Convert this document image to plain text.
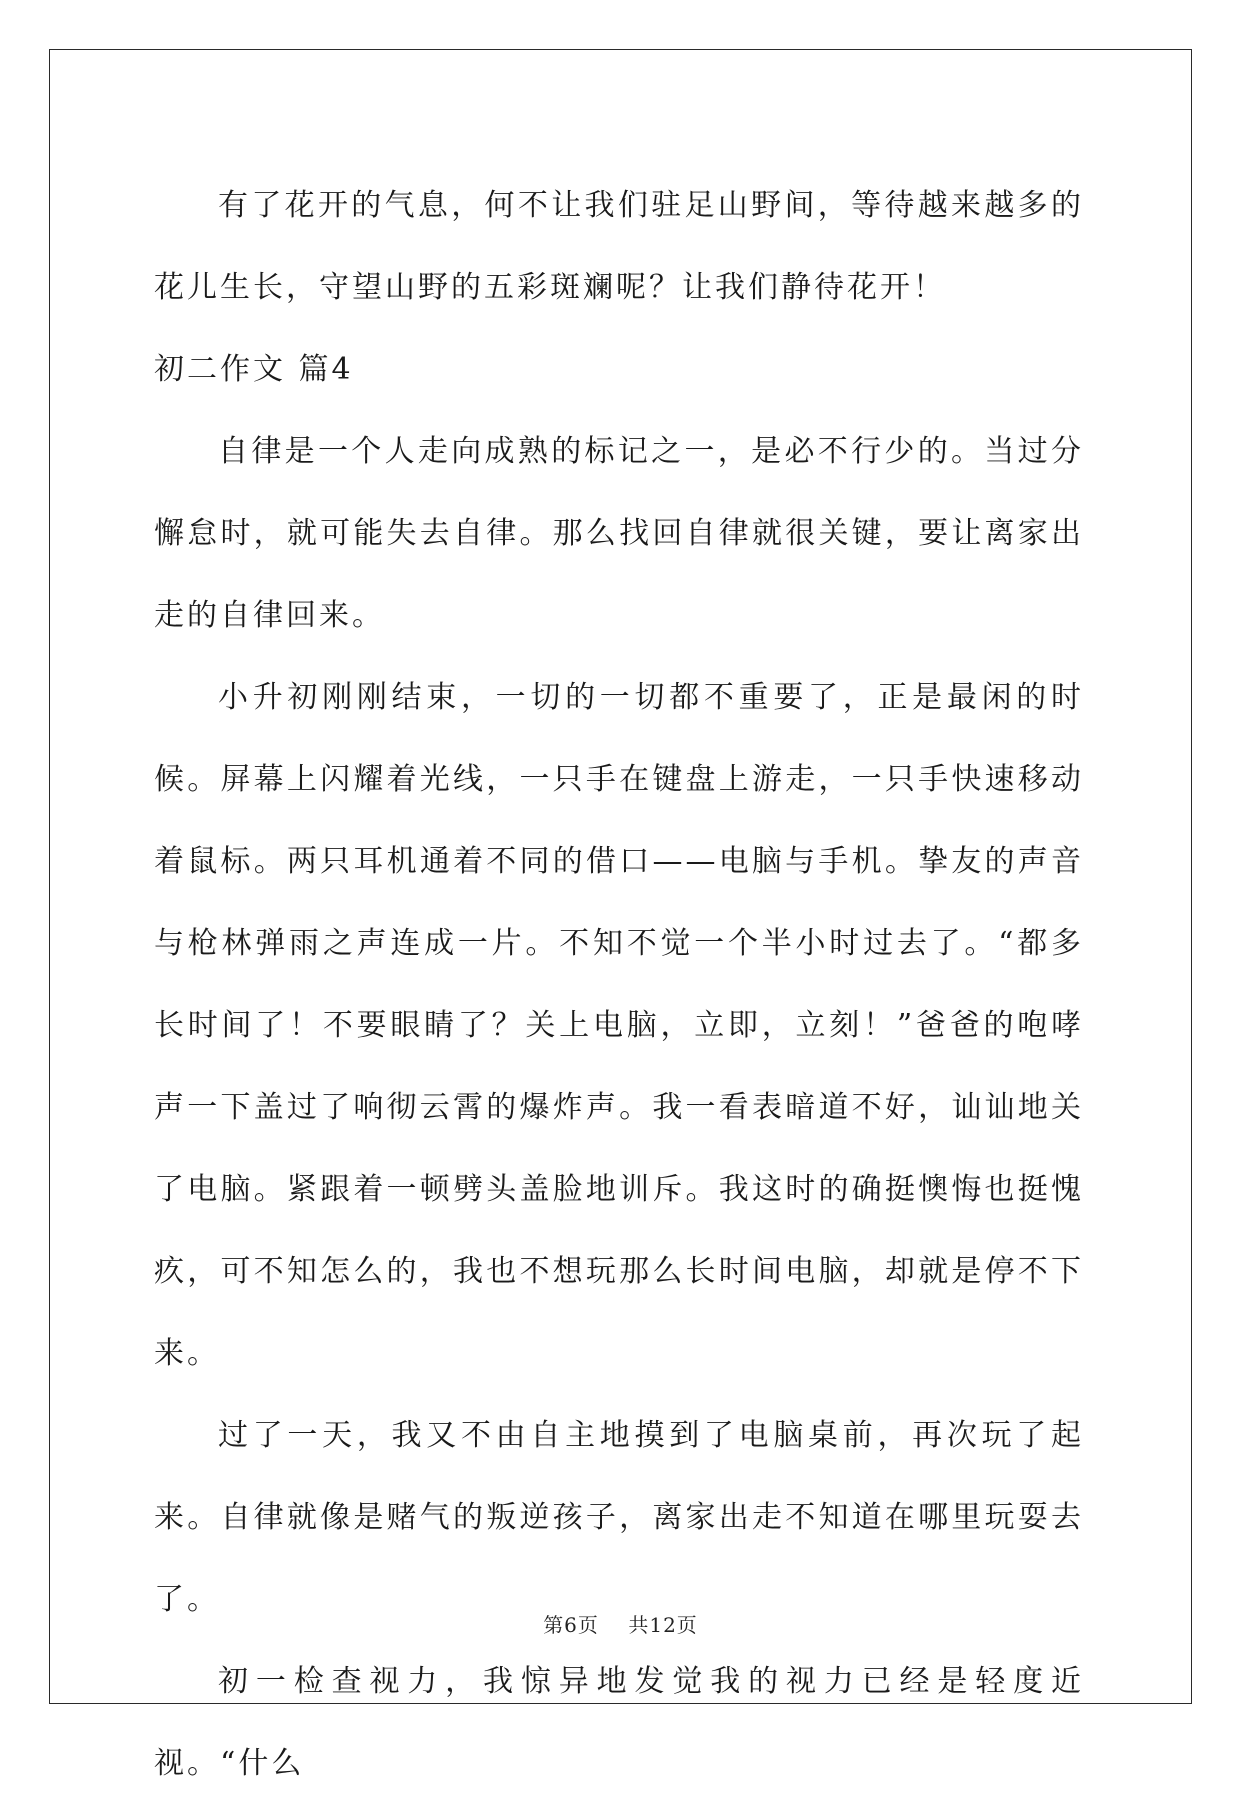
有了花开的气息，何不让我们驻足山野间，等待越来越多的花儿生长，守望山野的五彩斑斓呢？让我们静待花开！

初二作文 篇4

自律是一个人走向成熟的标记之一，是必不行少的。当过分懈怠时，就可能失去自律。那么找回自律就很关键，要让离家出走的自律回来。

小升初刚刚结束，一切的一切都不重要了，正是最闲的时候。屏幕上闪耀着光线，一只手在键盘上游走，一只手快速移动着鼠标。两只耳机通着不同的借口——电脑与手机。挚友的声音与枪林弹雨之声连成一片。不知不觉一个半小时过去了。“都多长时间了！不要眼睛了？关上电脑，立即，立刻！”爸爸的咆哮声一下盖过了响彻云霄的爆炸声。我一看表暗道不好，讪讪地关了电脑。紧跟着一顿劈头盖脸地训斥。我这时的确挺懊悔也挺愧疚，可不知怎么的，我也不想玩那么长时间电脑，却就是停不下来。

过了一天，我又不由自主地摸到了电脑桌前，再次玩了起来。自律就像是赌气的叛逆孩子，离家出走不知道在哪里玩耍去了。

初一检查视力，我惊异地发觉我的视力已经是轻度近视。“什么

第6页 共12页
